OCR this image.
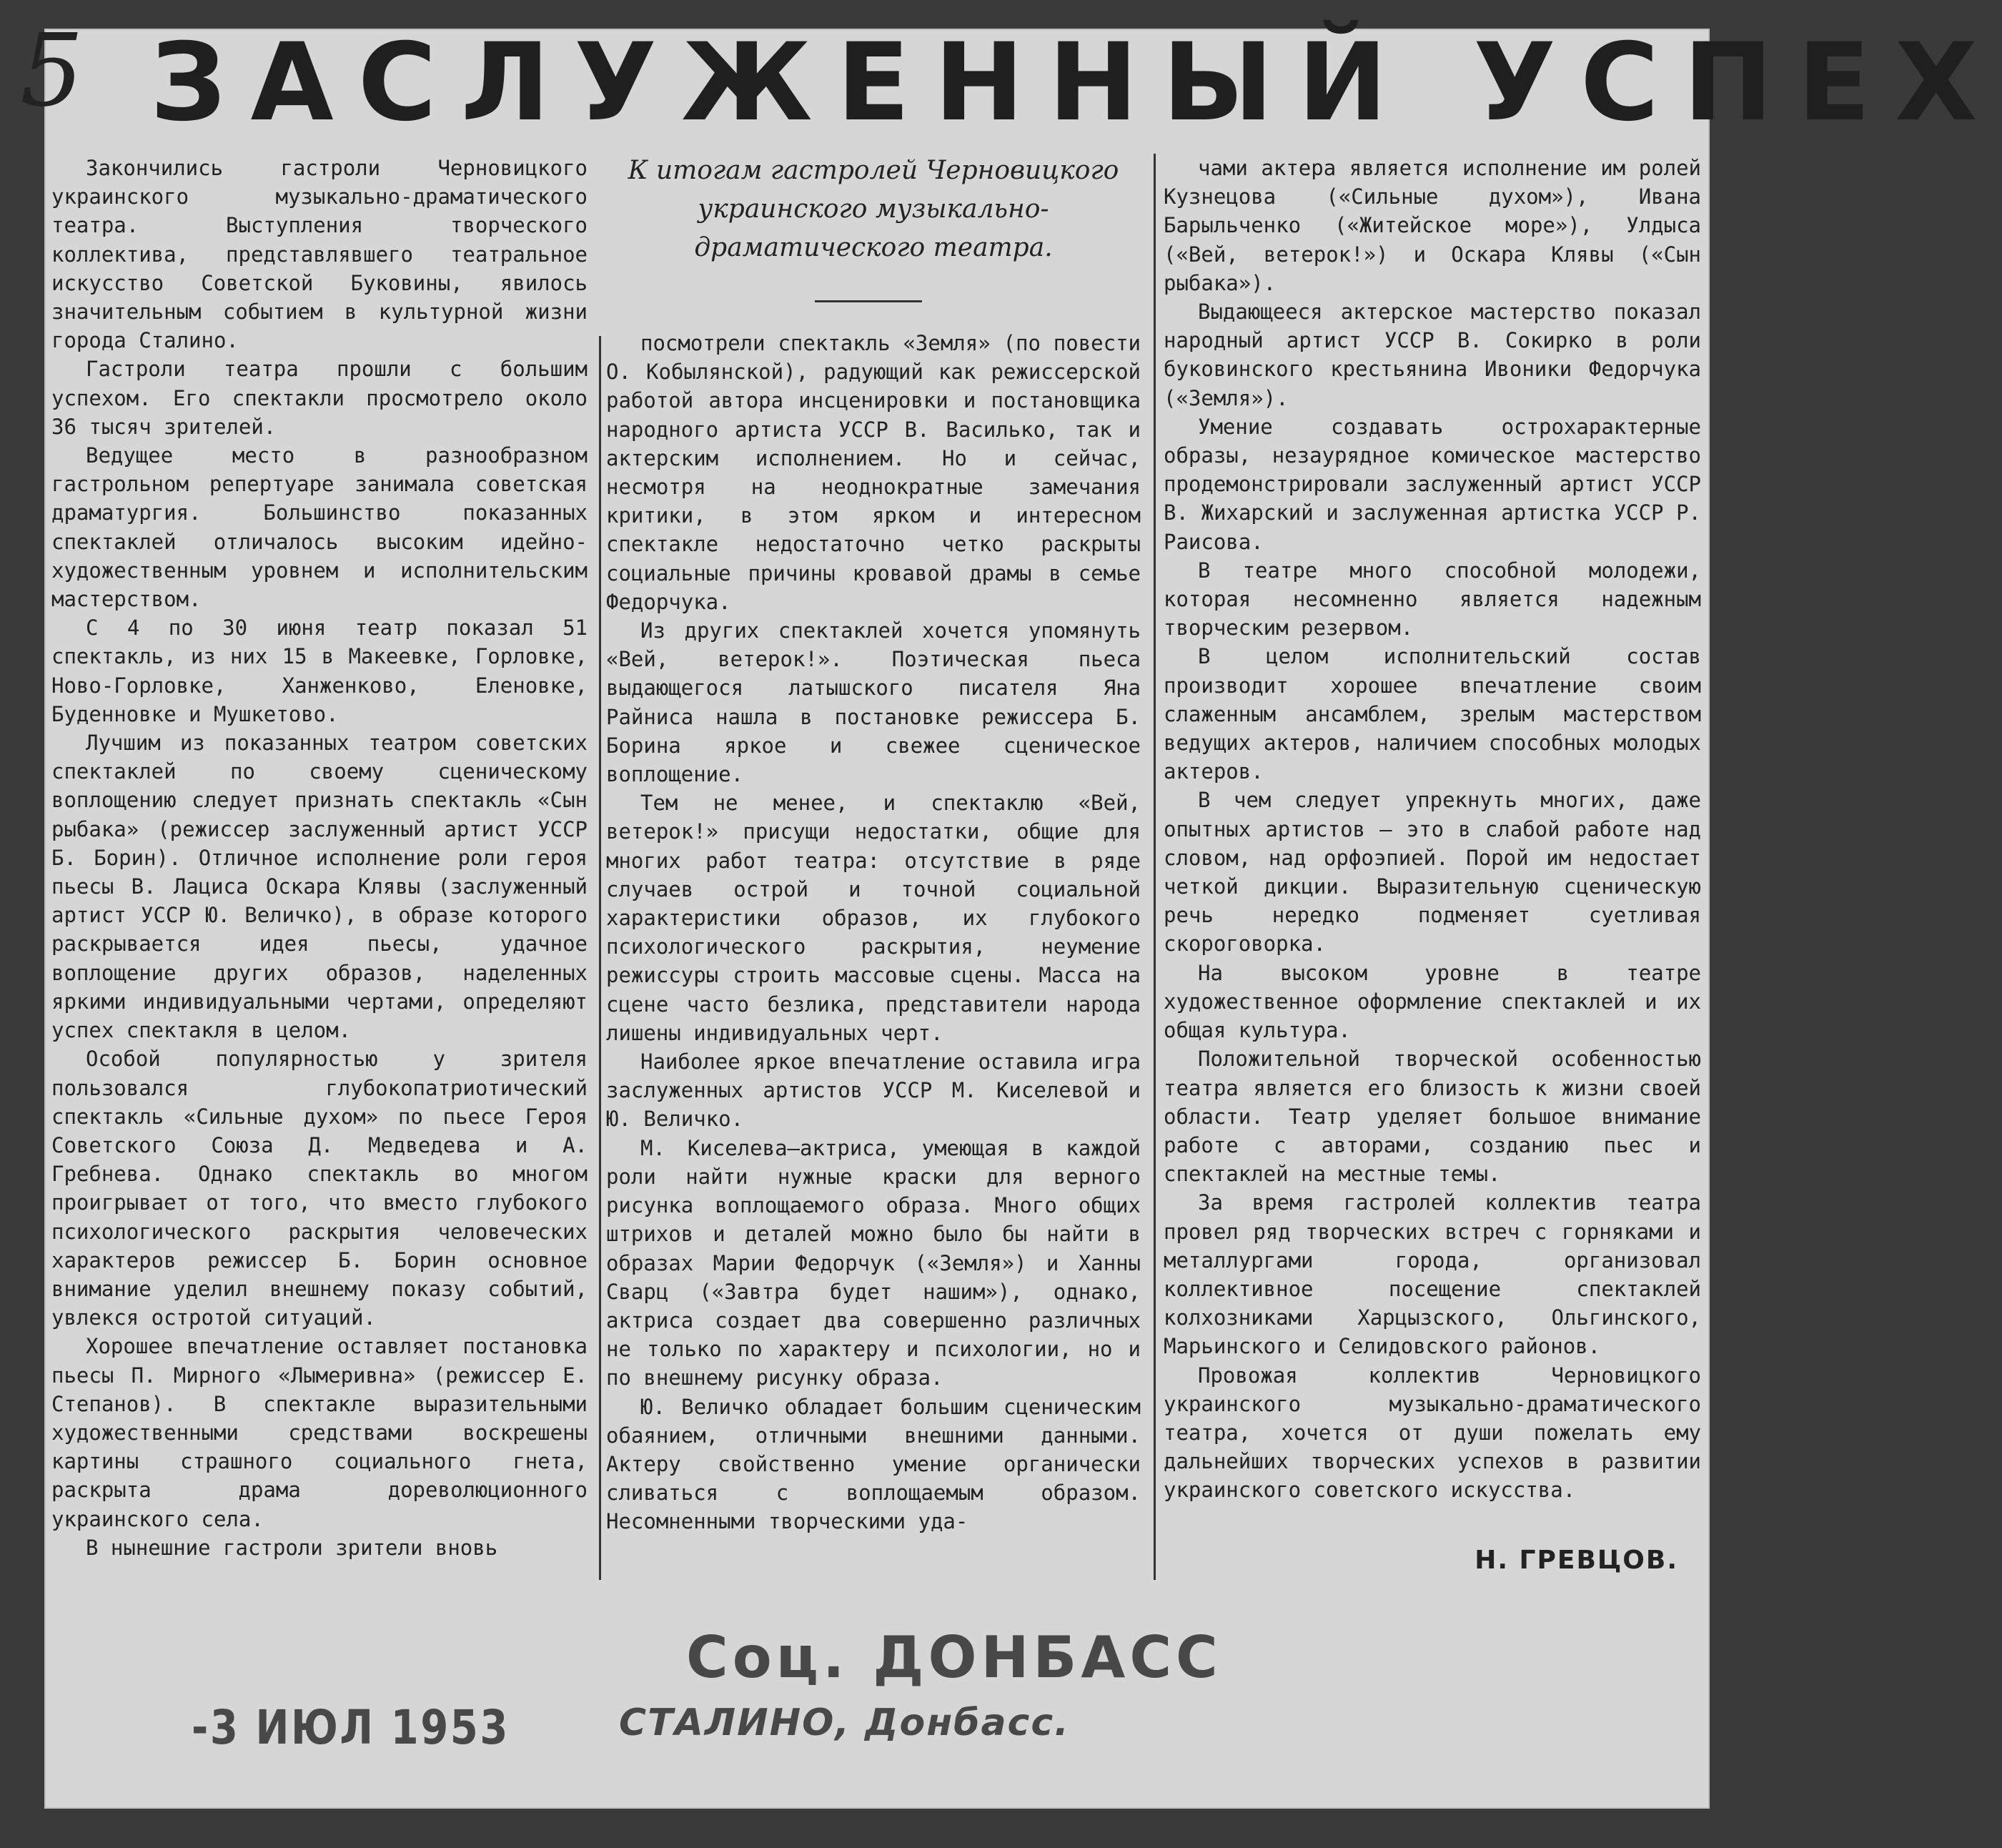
5 ЗАСЛУЖЕННЫЙ УСПЕХ

Закончились гастроли Черновицкого украинского музыкально-драматического театра. Выступления творческого коллектива, представлявшего театральное искусство Советской Буковины, явилось значительным событием в культурной жизни города Сталино.

Гастроли театра прошли с большим успехом. Его спектакли просмотрело около 36 тысяч зрителей.

Ведущее место в разнообразном гастрольном репертуаре занимала советская драматургия. Большинство показанных спектаклей отличалось высоким идейно-художественным уровнем и исполнительским мастерством.

С 4 по 30 июня театр показал 51 спектакль, из них 15 в Макеевке, Горловке, Ново-Горловке, Ханженково, Еленовке, Буденновке и Мушкетово.

Лучшим из показанных театром советских спектаклей по своему сценическому воплощению следует признать спектакль «Сын рыбака» (режиссер заслуженный артист УССР Б. Борин). Отличное исполнение роли героя пьесы В. Лациса Оскара Клявы (заслуженный артист УССР Ю. Величко), в образе которого раскрывается идея пьесы, удачное воплощение других образов, наделенных яркими индивидуальными чертами, определяют успех спектакля в целом.

Особой популярностью у зрителя пользовался глубокопатриотический спектакль «Сильные духом» по пьесе Героя Советского Союза Д. Медведева и А. Гребнева. Однако спектакль во многом проигрывает от того, что вместо глубокого психологического раскрытия человеческих характеров режиссер Б. Борин основное внимание уделил внешнему показу событий, увлекся остротой ситуаций.

Хорошее впечатление оставляет постановка пьесы П. Мирного «Лымеривна» (режиссер Е. Степанов). В спектакле выразительными художественными средствами воскрешены картины страшного социального гнета, раскрыта драма дореволюционного украинского села.

В нынешние гастроли зрители вновь

К итогам гастролей Черновицкого украинского музыкально-драматического театра.

посмотрели спектакль «Земля» (по повести О. Кобылянской), радующий как режиссерской работой автора инсценировки и постановщика народного артиста УССР В. Василько, так и актерским исполнением. Но и сейчас, несмотря на неоднократные замечания критики, в этом ярком и интересном спектакле недостаточно четко раскрыты социальные причины кровавой драмы в семье Федорчука.

Из других спектаклей хочется упомянуть «Вей, ветерок!». Поэтическая пьеса выдающегося латышского писателя Яна Райниса нашла в постановке режиссера Б. Борина яркое и свежее сценическое воплощение.

Тем не менее, и спектаклю «Вей, ветерок!» присущи недостатки, общие для многих работ театра: отсутствие в ряде случаев острой и точной социальной характеристики образов, их глубокого психологического раскрытия, неумение режиссуры строить массовые сцены. Масса на сцене часто безлика, представители народа лишены индивидуальных черт.

Наиболее яркое впечатление оставила игра заслуженных артистов УССР М. Киселевой и Ю. Величко.

М. Киселева—актриса, умеющая в каждой роли найти нужные краски для верного рисунка воплощаемого образа. Много общих штрихов и деталей можно было бы найти в образах Марии Федорчук («Земля») и Ханны Сварц («Завтра будет нашим»), однако, актриса создает два совершенно различных не только по характеру и психологии, но и по внешнему рисунку образа.

Ю. Величко обладает большим сценическим обаянием, отличными внешними данными. Актеру свойственно умение органически сливаться с воплощаемым образом. Несомненными творческими уда-

чами актера является исполнение им ролей Кузнецова («Сильные духом»), Ивана Барыльченко («Житейское море»), Улдыса («Вей, ветерок!») и Оскара Клявы («Сын рыбака»).

Выдающееся актерское мастерство показал народный артист УССР В. Сокирко в роли буковинского крестьянина Ивоники Федорчука («Земля»).

Умение создавать острохарактерные образы, незаурядное комическое мастерство продемонстрировали заслуженный артист УССР В. Жихарский и заслуженная артистка УССР Р. Раисова.

В театре много способной молодежи, которая несомненно является надежным творческим резервом.

В целом исполнительский состав производит хорошее впечатление своим слаженным ансамблем, зрелым мастерством ведущих актеров, наличием способных молодых актеров.

В чем следует упрекнуть многих, даже опытных артистов — это в слабой работе над словом, над орфоэпией. Порой им недостает четкой дикции. Выразительную сценическую речь нередко подменяет суетливая скороговорка.

На высоком уровне в театре художественное оформление спектаклей и их общая культура.

Положительной творческой особенностью театра является его близость к жизни своей области. Театр уделяет большое внимание работе с авторами, созданию пьес и спектаклей на местные темы.

За время гастролей коллектив театра провел ряд творческих встреч с горняками и металлургами города, организовал коллективное посещение спектаклей колхозниками Харцызского, Ольгинского, Марьинского и Селидовского районов.

Провожая коллектив Черновицкого украинского музыкально-драматического театра, хочется от души пожелать ему дальнейших творческих успехов в развитии украинского советского искусства.

Н. ГРЕВЦОВ.
Соц. ДОНБАСС
СТАЛИНО, Донбасс.
-3 ИЮЛ 1953
